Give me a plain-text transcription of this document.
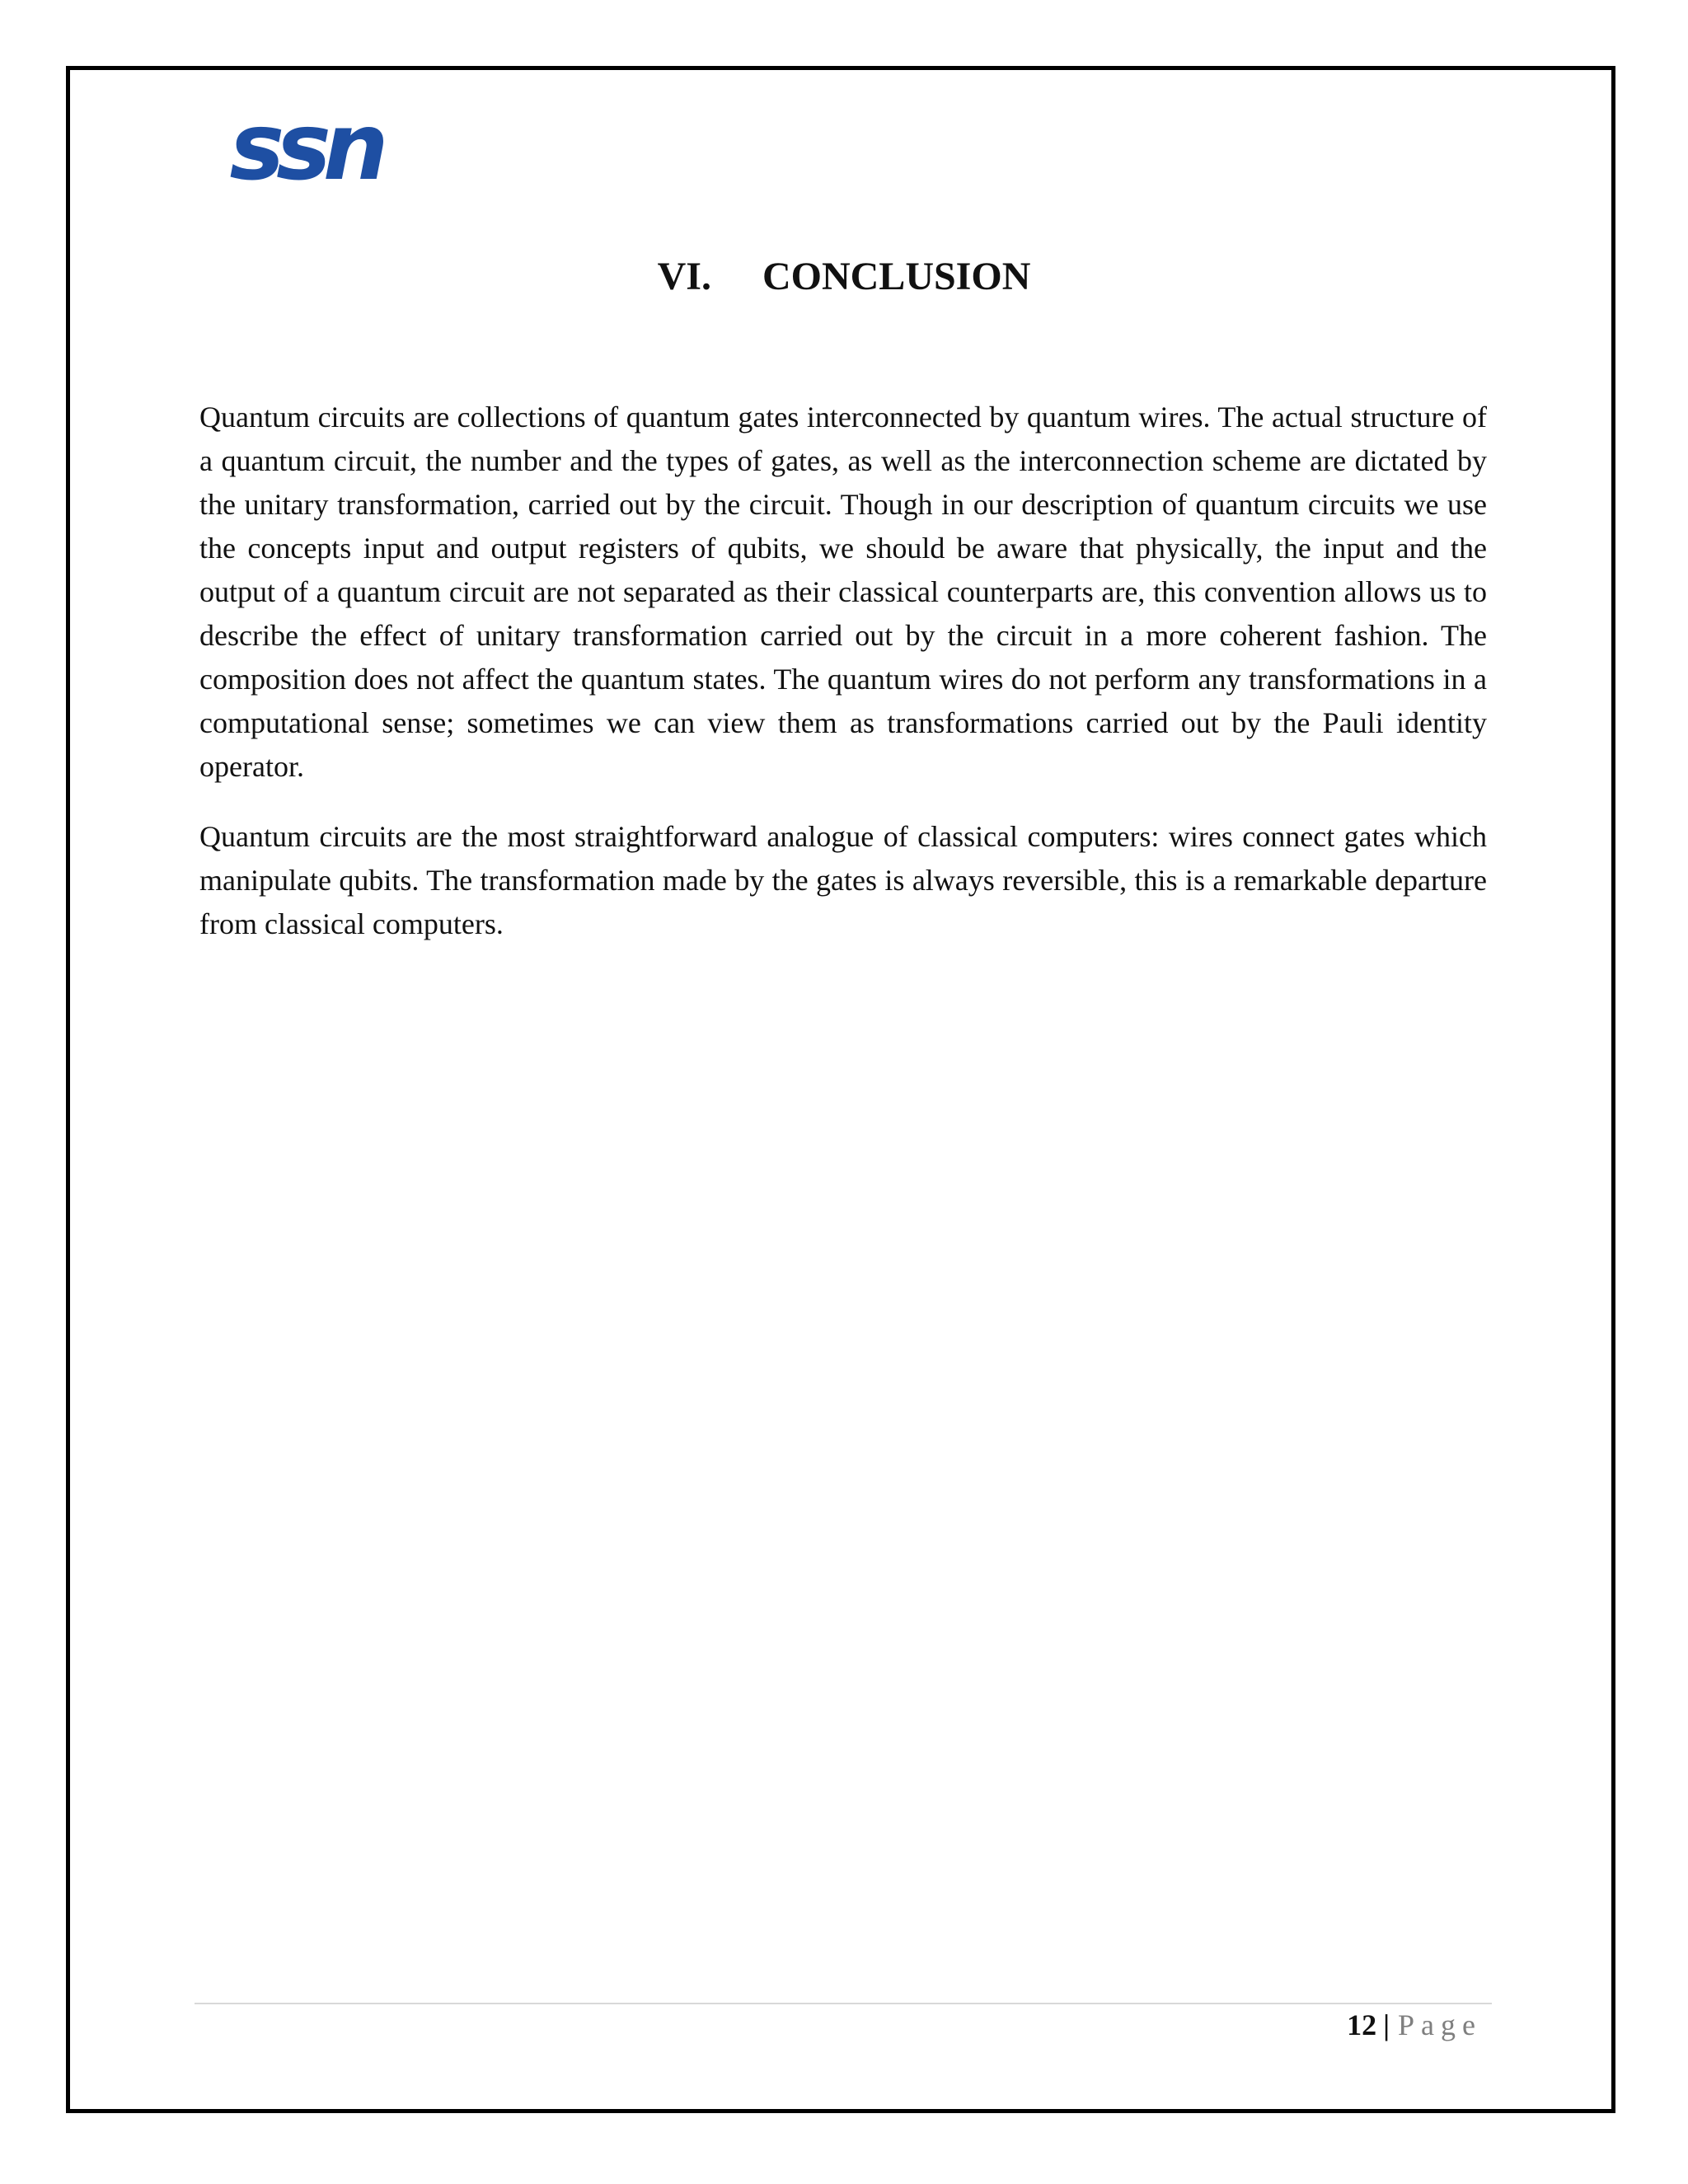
ssn
VI. CONCLUSION

Quantum circuits are collections of quantum gates interconnected by quantum wires. The actual structure of a quantum circuit, the number and the types of gates, as well as the interconnection scheme are dictated by the unitary transformation, carried out by the circuit. Though in our description of quantum circuits we use the concepts input and output registers of qubits, we should be aware that physically, the input and the output of a quantum circuit are not separated as their classical counterparts are, this convention allows us to describe the effect of unitary transformation carried out by the circuit in a more coherent fashion. The composition does not affect the quantum states. The quantum wires do not perform any transformations in a computational sense; sometimes we can view them as transformations carried out by the Pauli identity operator.

Quantum circuits are the most straightforward analogue of classical computers: wires connect gates which manipulate qubits. The transformation made by the gates is always reversible, this is a remarkable departure from classical computers.

12 | Page
